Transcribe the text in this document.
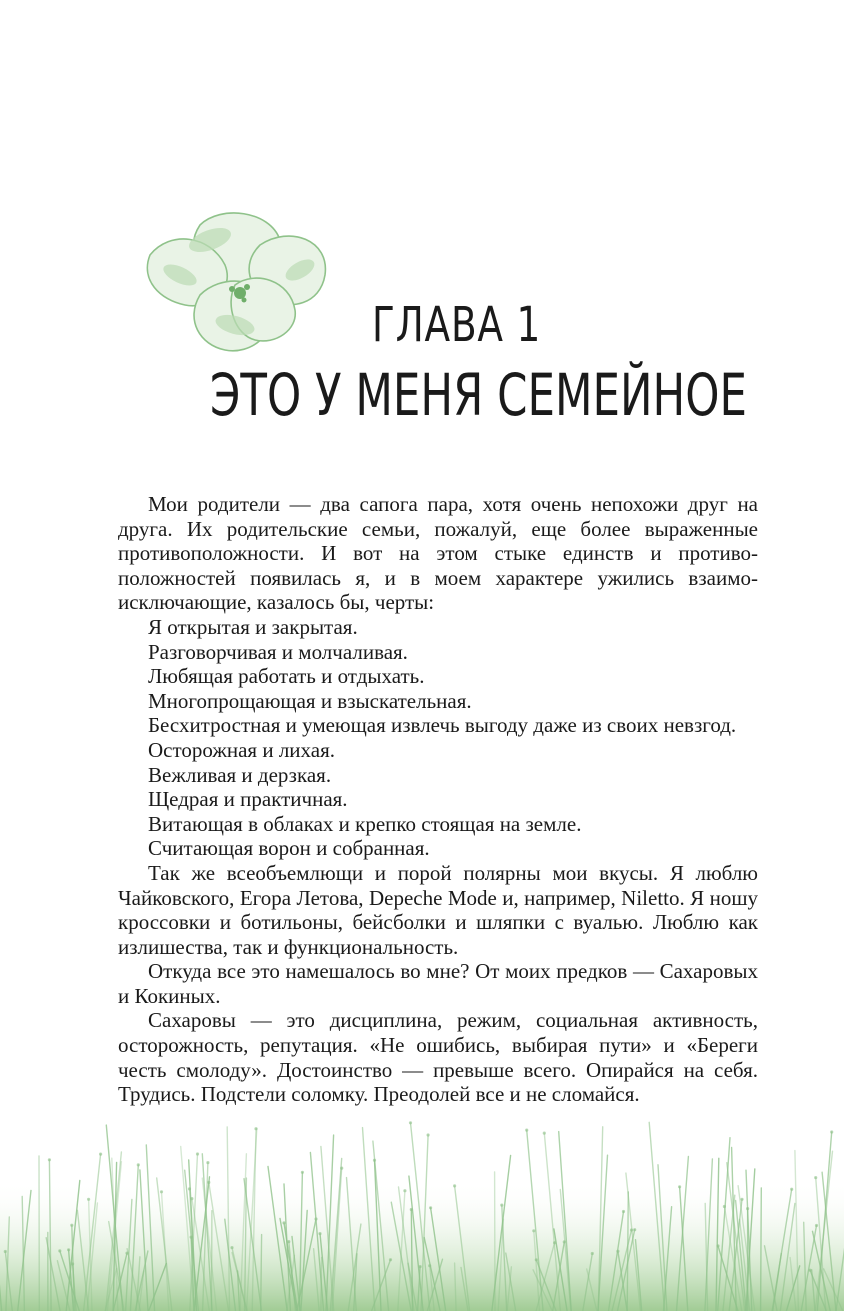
ГЛАВА 1
ЭТО У МЕНЯ СЕМЕЙНОЕ

Мои родители — два сапога пара, хотя очень непохожи друг на друга. Их родительские семьи, пожалуй, еще более выраженные противоположности. И вот на этом стыке единств и противоположностей появилась я, и в моем характере ужились взаимоисключающие, казалось бы, черты:

Я открытая и закрытая.

Разговорчивая и молчаливая.

Любящая работать и отдыхать.

Многопрощающая и взыскательная.

Бесхитростная и умеющая извлечь выгоду даже из своих невзгод.

Осторожная и лихая.

Вежливая и дерзкая.

Щедрая и практичная.

Витающая в облаках и крепко стоящая на земле.

Считающая ворон и собранная.

Так же всеобъемлющи и порой полярны мои вкусы. Я люблю Чайковского, Егора Летова, Depeche Mode и, например, Niletto. Я ношу кроссовки и ботильоны, бейсболки и шляпки с вуалью. Люблю как излишества, так и функциональность.

Откуда все это намешалось во мне? От моих предков — Сахаровых и Кокиных.

Сахаровы — это дисциплина, режим, социальная активность, осторожность, репутация. «Не ошибись, выбирая пути» и «Береги честь смолоду». Достоинство — превыше всего. Опирайся на себя. Трудись. Подстели соломку. Преодолей все и не сломайся.
